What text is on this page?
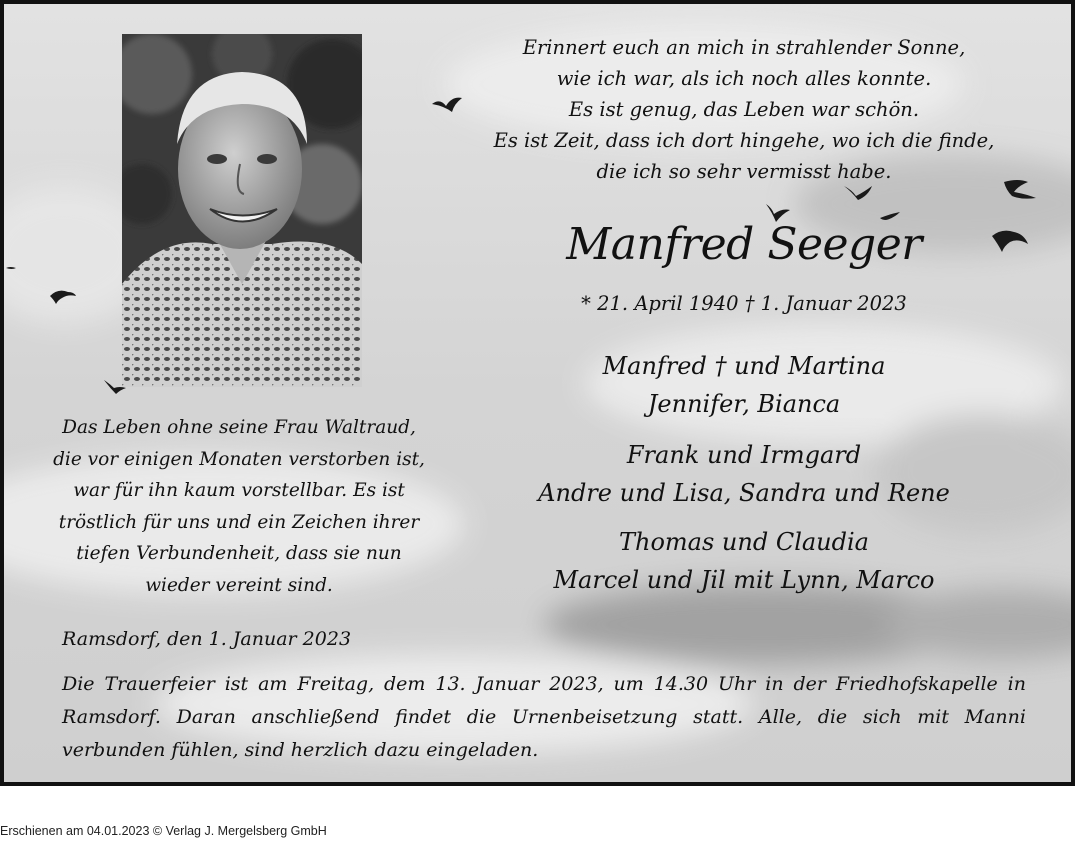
Erinnert euch an mich in strahlender Sonne,
wie ich war, als ich noch alles konnte.
Es ist genug, das Leben war schön.
Es ist Zeit, dass ich dort hingehe, wo ich die finde,
die ich so sehr vermisst habe.
Manfred Seeger
* 21. April 1940 † 1. Januar 2023
Manfred † und Martina
Jennifer, Bianca
Frank und Irmgard
Andre und Lisa, Sandra und Rene
Thomas und Claudia
Marcel und Jil mit Lynn, Marco
Das Leben ohne seine Frau Waltraud,
die vor einigen Monaten verstorben ist,
war für ihn kaum vorstellbar. Es ist
tröstlich für uns und ein Zeichen ihrer
tiefen Verbundenheit, dass sie nun
wieder vereint sind.
Ramsdorf, den 1. Januar 2023
Die Trauerfeier ist am Freitag, dem 13. Januar 2023, um 14.30 Uhr in der Friedhofskapelle in Ramsdorf. Daran anschließend findet die Urnenbeisetzung statt. Alle, die sich mit Manni verbunden fühlen, sind herzlich dazu eingeladen.
Erschienen am 04.01.2023 © Verlag J. Mergelsberg GmbH
